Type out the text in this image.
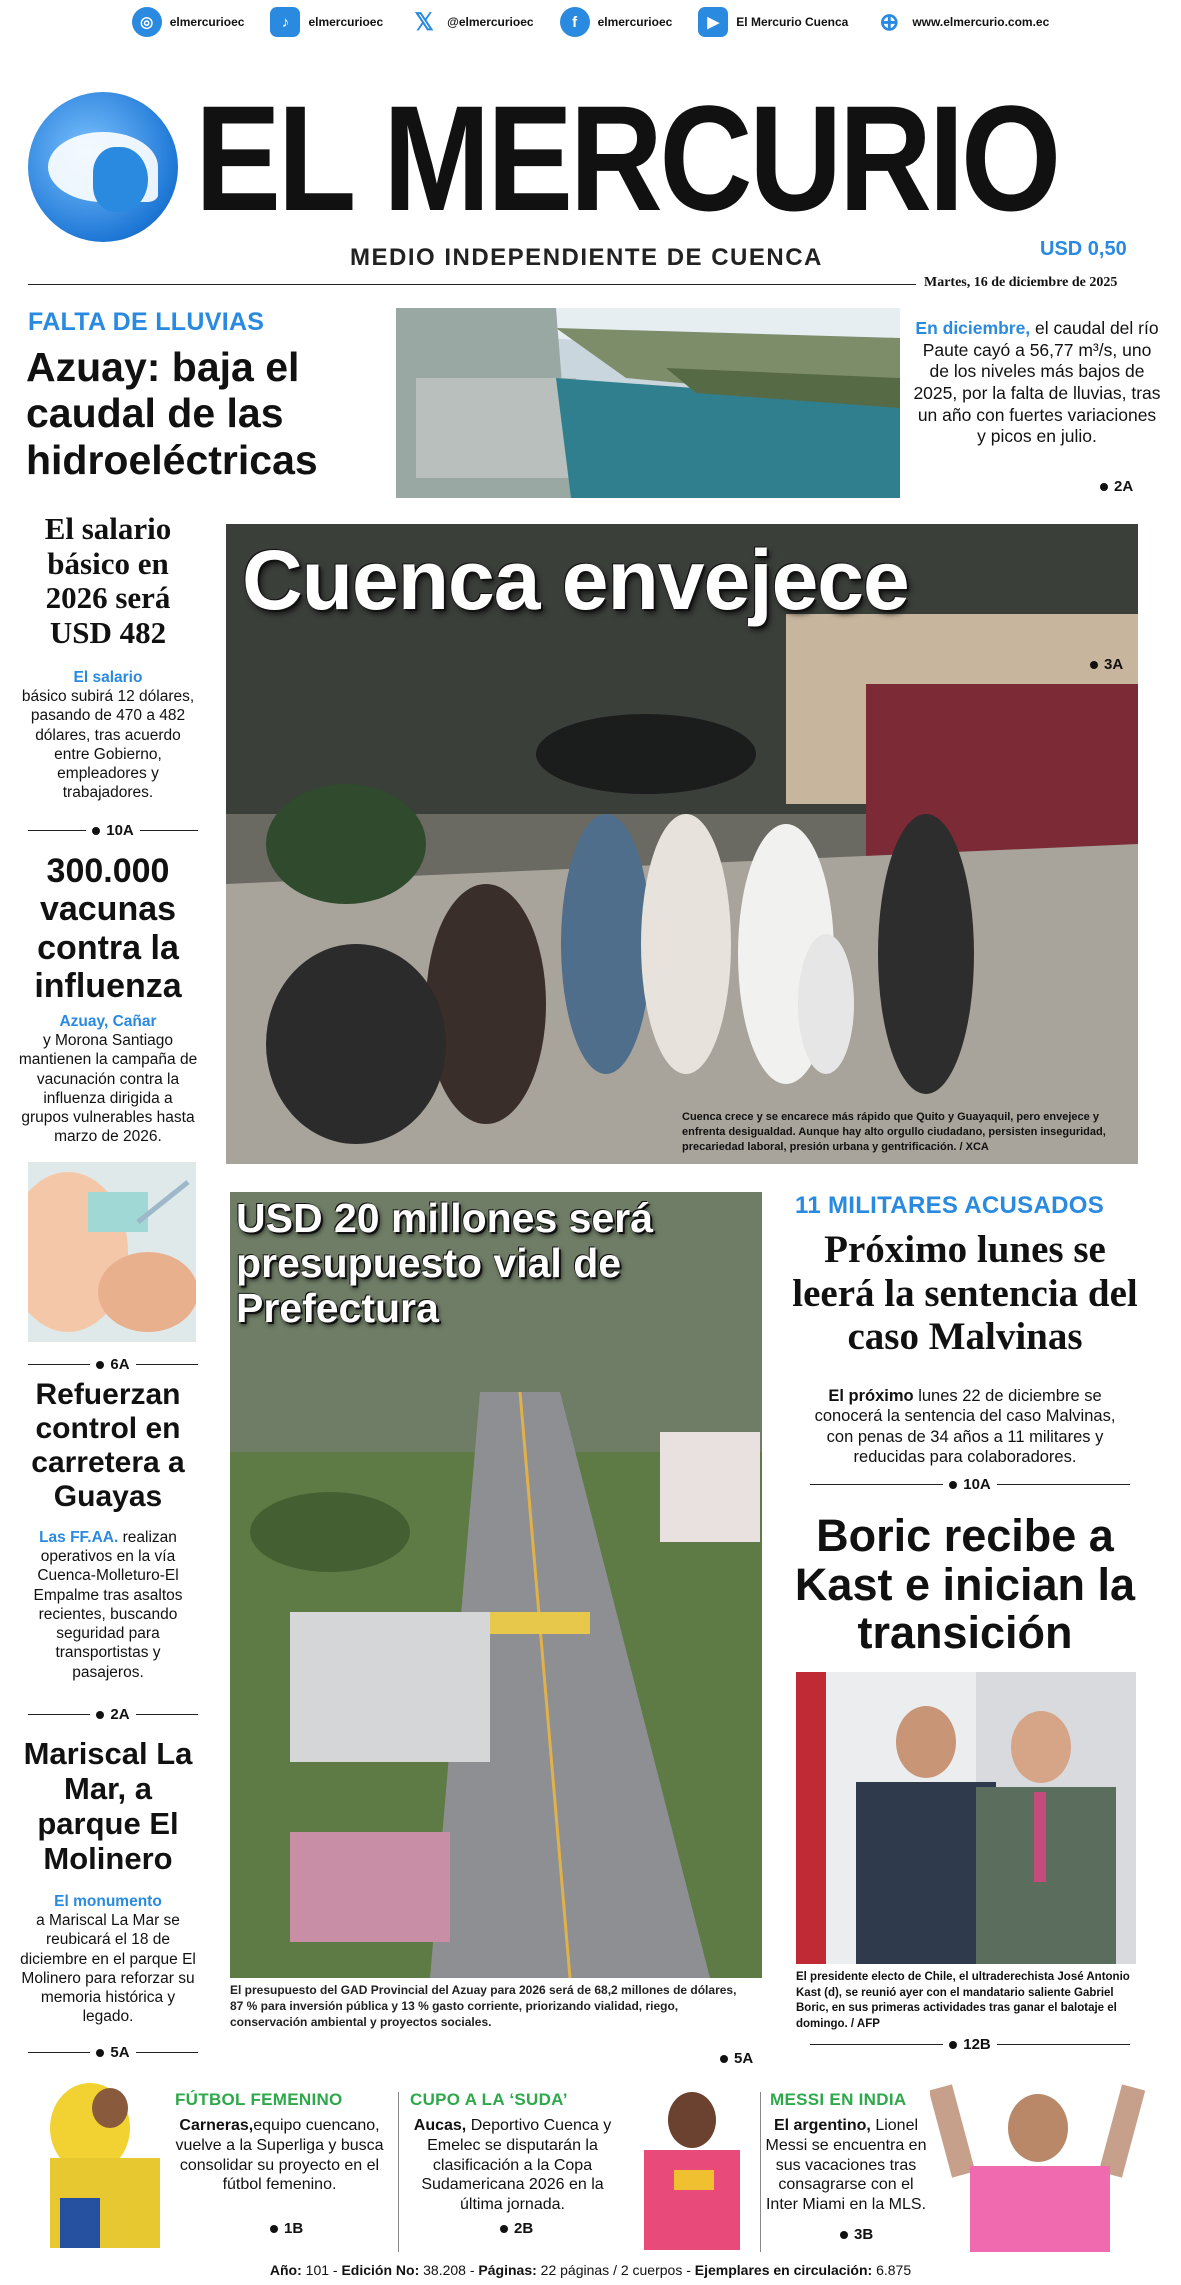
◎	elmercurioec	♪	elmercurioec 𝕏	@elmercurioec	f	elmercurioec	▶	El Mercurio Cuenca ⊕	www.elmercurio.com.ec
EL MERCURIO
MEDIO INDEPENDIENTE DE CUENCA	USD 0,50
Martes, 16 de diciembre de 2025
FALTA DE LLUVIAS
Azuay: baja el caudal de las hidroeléctricas
En diciembre, el caudal del río Paute cayó a 56,77 m³/s, uno de los niveles más bajos de 2025, por la falta de lluvias, tras un año con fuertes variaciones y picos en julio.
2A
El salario básico en 2026 será USD 482
El salario
básico subirá 12 dólares, pasando de 470 a 482 dólares, tras acuerdo entre Gobierno, empleadores y trabajadores.
10A
300.000 vacunas contra la influenza
Azuay, Cañar
y Morona Santiago mantienen la campaña de vacunación contra la influenza dirigida a grupos vulnerables hasta marzo de 2026.
6A
Refuerzan control en carretera a Guayas
Las FF.AA. realizan operativos en la vía Cuenca-Molleturo-El Empalme tras asaltos recientes, buscando seguridad para transportistas y pasajeros.
2A
Mariscal La Mar, a parque El Molinero
El monumento
a Mariscal La Mar se reubicará el 18 de diciembre en el parque El Molinero para reforzar su memoria histórica y legado.
5A
Cuenca envejece
3A
Cuenca crece y se encarece más rápido que Quito y Guayaquil, pero envejece y enfrenta desigualdad. Aunque hay alto orgullo ciudadano, persisten inseguridad, precariedad laboral, presión urbana y gentrificación. / XCA
USD 20 millones será presupuesto vial de Prefectura
El presupuesto del GAD Provincial del Azuay para 2026 será de 68,2 millones de dólares, 87 % para inversión pública y 13 % gasto corriente, priorizando vialidad, riego, conservación ambiental y proyectos sociales.
5A
11 MILITARES ACUSADOS
Próximo lunes se leerá la sentencia del caso Malvinas
El próximo lunes 22 de diciembre se conocerá la sentencia del caso Malvinas, con penas de 34 años a 11 militares y reducidas para colaboradores.
10A
Boric recibe a Kast e inician la transición
El presidente electo de Chile, el ultraderechista José Antonio Kast (d), se reunió ayer con el mandatario saliente Gabriel Boric, en sus primeras actividades tras ganar el balotaje el domingo. / AFP
12B
FÚTBOL FEMENINO
Carneras,equipo cuencano, vuelve a la Superliga y busca consolidar su proyecto en el fútbol femenino.
1B
CUPO A LA ‘SUDA’
Aucas, Deportivo Cuenca y Emelec se disputarán la clasificación a la Copa Sudamericana 2026 en la última jornada.
2B
MESSI EN INDIA
El argentino, Lionel Messi se encuentra en sus vacaciones tras consagrarse con el Inter Miami en la MLS.
3B
Año: 101 - Edición No: 38.208 - Páginas: 22 páginas / 2 cuerpos - Ejemplares en circulación: 6.875
